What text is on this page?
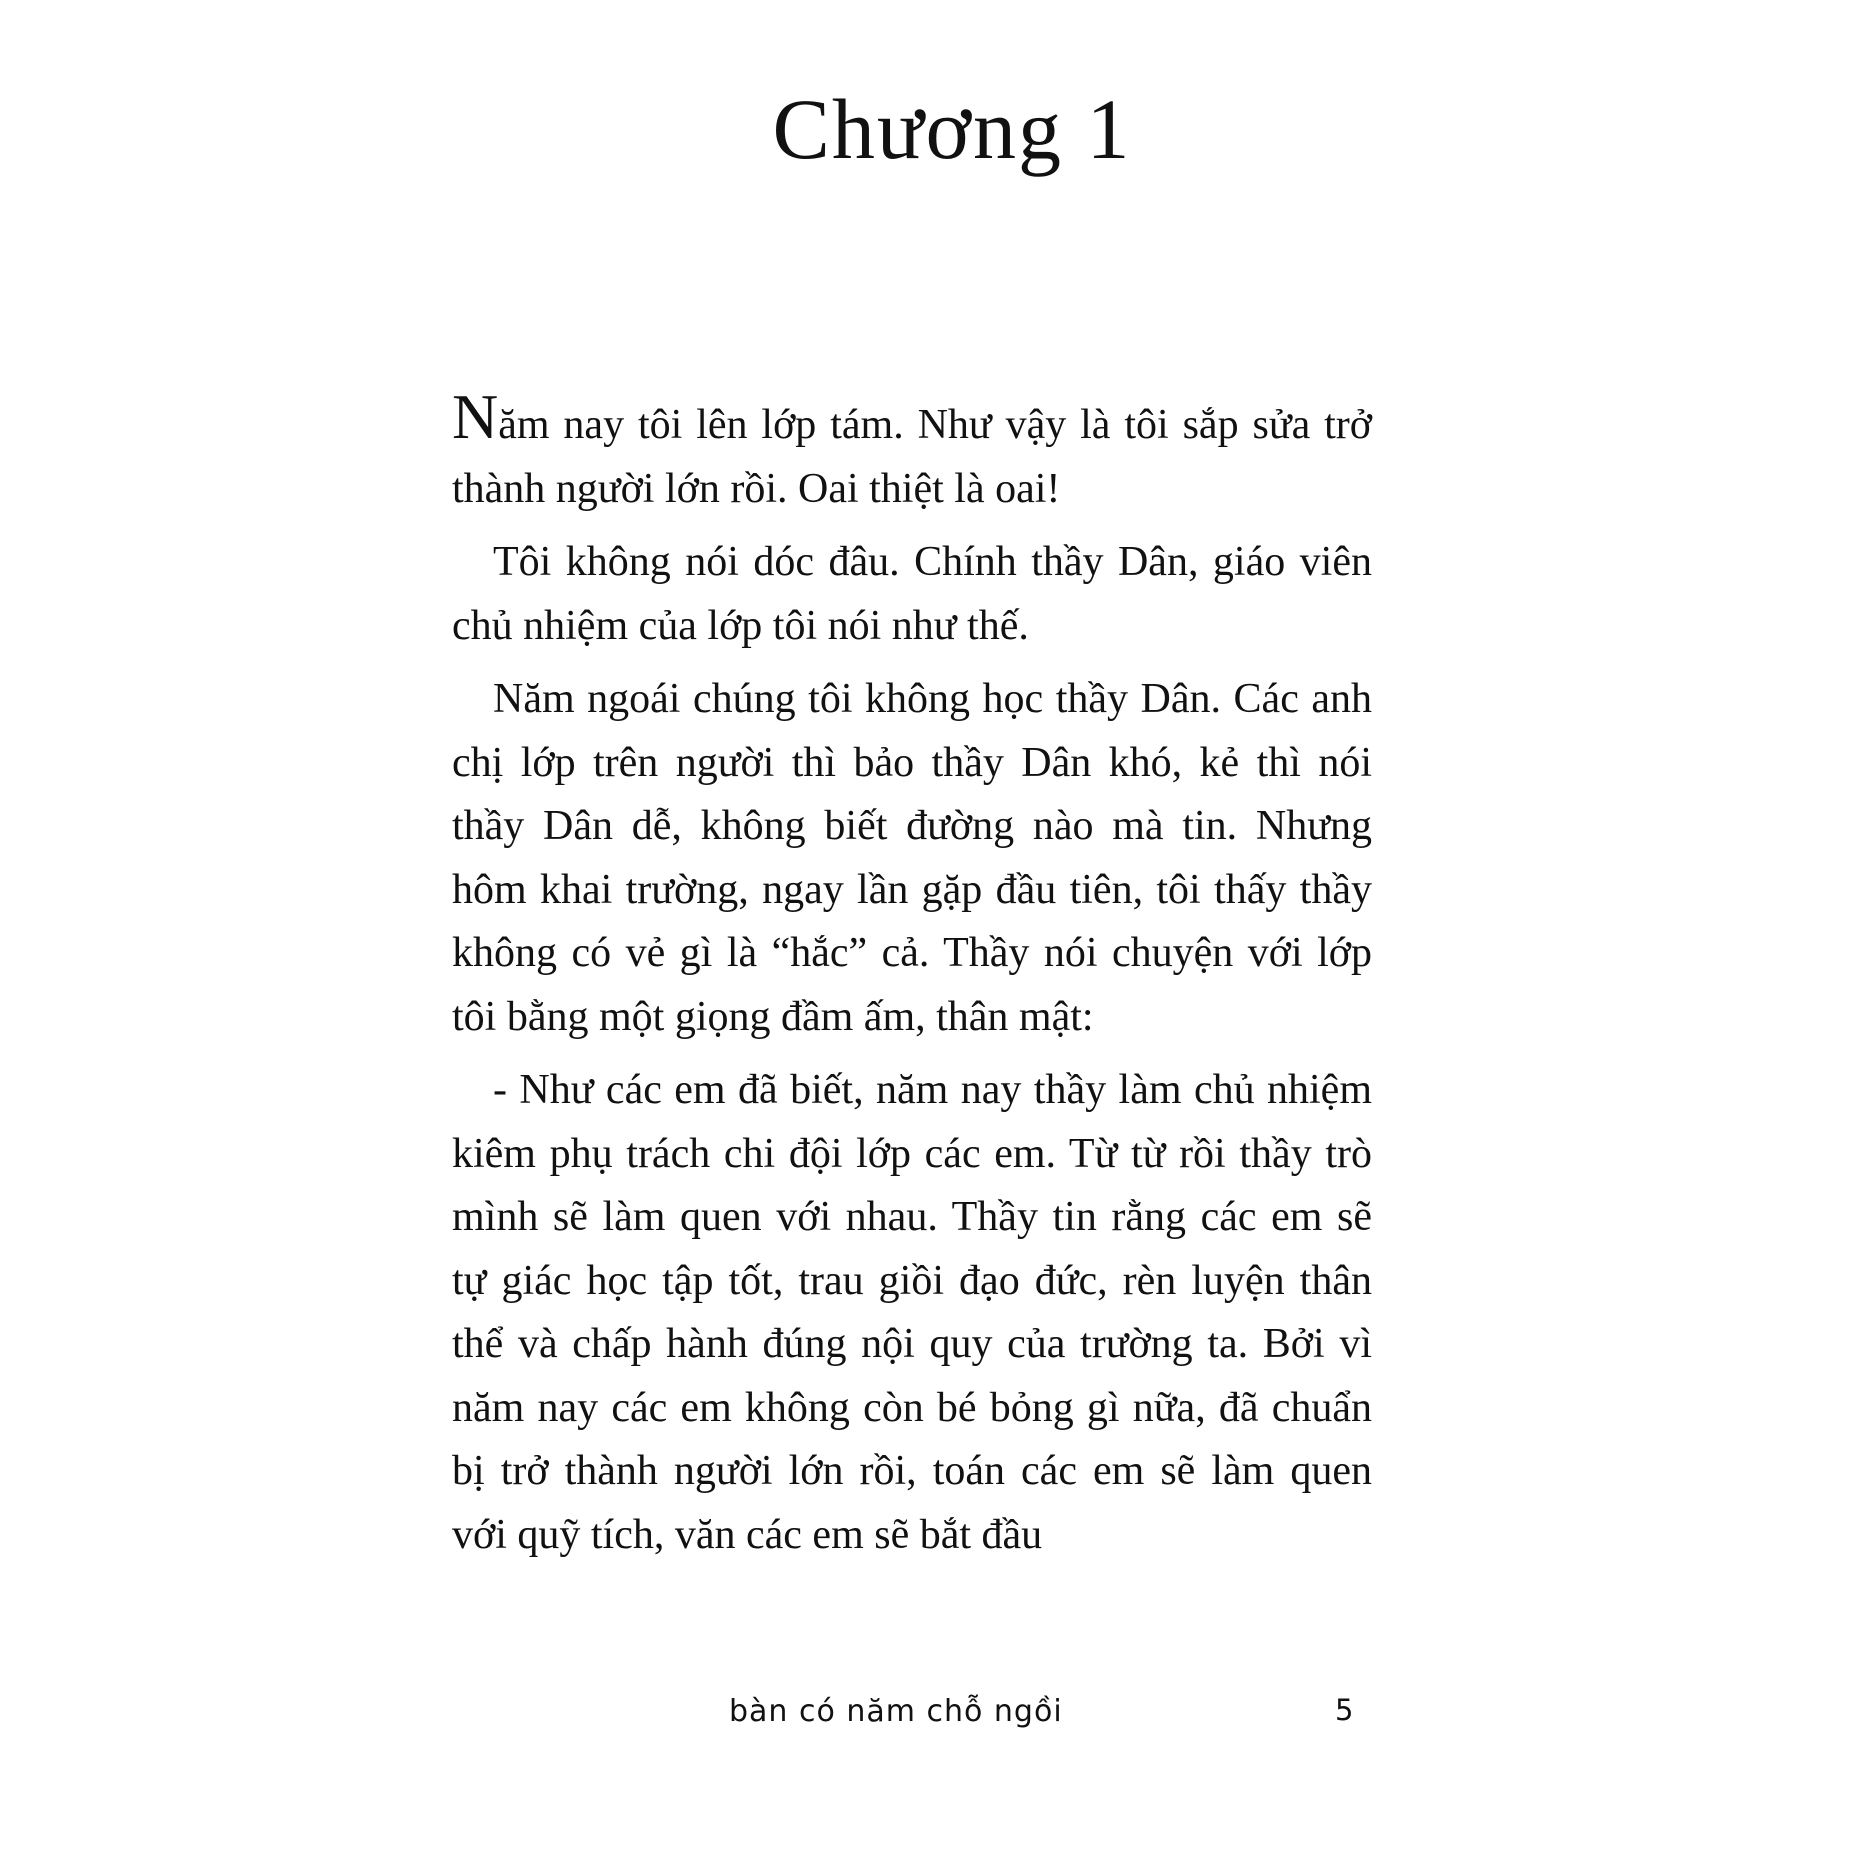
Chương 1

Năm nay tôi lên lớp tám. Như vậy là tôi sắp sửa trở thành người lớn rồi. Oai thiệt là oai!

Tôi không nói dóc đâu. Chính thầy Dân, giáo viên chủ nhiệm của lớp tôi nói như thế.

Năm ngoái chúng tôi không học thầy Dân. Các anh chị lớp trên người thì bảo thầy Dân khó, kẻ thì nói thầy Dân dễ, không biết đường nào mà tin. Nhưng hôm khai trường, ngay lần gặp đầu tiên, tôi thấy thầy không có vẻ gì là “hắc” cả. Thầy nói chuyện với lớp tôi bằng một giọng đầm ấm, thân mật:

- Như các em đã biết, năm nay thầy làm chủ nhiệm kiêm phụ trách chi đội lớp các em. Từ từ rồi thầy trò mình sẽ làm quen với nhau. Thầy tin rằng các em sẽ tự giác học tập tốt, trau giồi đạo đức, rèn luyện thân thể và chấp hành đúng nội quy của trường ta. Bởi vì năm nay các em không còn bé bỏng gì nữa, đã chuẩn bị trở thành người lớn rồi, toán các em sẽ làm quen với quỹ tích, văn các em sẽ bắt đầu

bàn có năm chỗ ngồi	5
